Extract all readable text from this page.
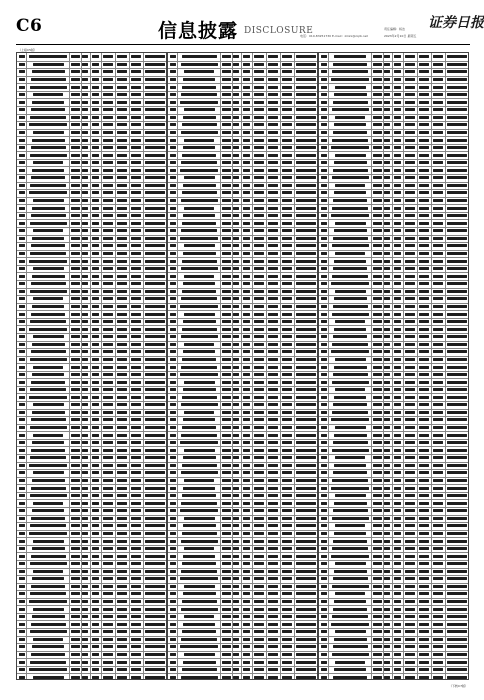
C6	信息披露 DISCLOSURE	证券日报
责任编辑：杨洁
2023年2月10日 星期五
电话：010-83251730 E-mail：zmzx@zqrb.net
（上接C5版）
（下转C7版）
